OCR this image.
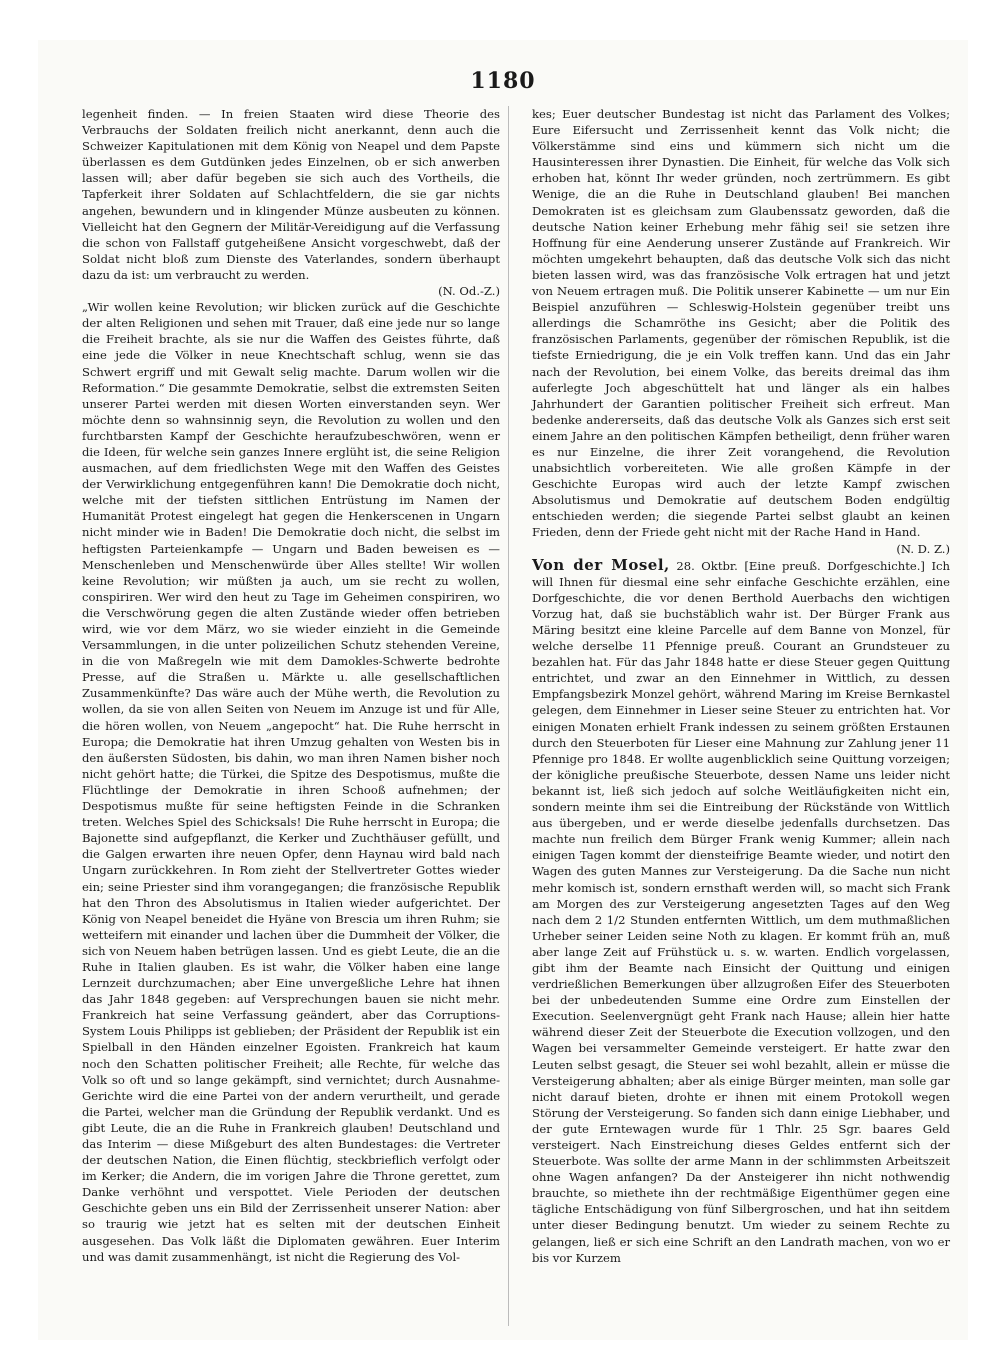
1180

legenheit finden. — In freien Staaten wird diese Theorie des Verbrauchs der Soldaten freilich nicht anerkannt, denn auch die Schweizer Kapitulationen mit dem König von Neapel und dem Papste überlassen es dem Gutdünken jedes Einzelnen, ob er sich anwerben lassen will; aber dafür begeben sie sich auch des Vortheils, die Tapferkeit ihrer Soldaten auf Schlachtfeldern, die sie gar nichts angehen, bewundern und in klingender Münze ausbeuten zu können. Vielleicht hat den Gegnern der Militär-Vereidigung auf die Verfassung die schon von Fallstaff gutgeheißene Ansicht vorgeschwebt, daß der Soldat nicht bloß zum Dienste des Vaterlandes, sondern überhaupt dazu da ist: um verbraucht zu werden.

(N. Od.-Z.)

„Wir wollen keine Revolution; wir blicken zurück auf die Geschichte der alten Religionen und sehen mit Trauer, daß eine jede nur so lange die Freiheit brachte, als sie nur die Waffen des Geistes führte, daß eine jede die Völker in neue Knechtschaft schlug, wenn sie das Schwert ergriff und mit Gewalt selig machte. Darum wollen wir die Reformation.“ Die gesammte Demokratie, selbst die extremsten Seiten unserer Partei werden mit diesen Worten einverstanden seyn. Wer möchte denn so wahnsinnig seyn, die Revolution zu wollen und den furchtbarsten Kampf der Geschichte heraufzubeschwören, wenn er die Ideen, für welche sein ganzes Innere erglüht ist, die seine Religion ausmachen, auf dem friedlichsten Wege mit den Waffen des Geistes der Verwirklichung entgegenführen kann! Die Demokratie doch nicht, welche mit der tiefsten sittlichen Entrüstung im Namen der Humanität Protest eingelegt hat gegen die Henkerscenen in Ungarn nicht minder wie in Baden! Die Demokratie doch nicht, die selbst im heftigsten Parteienkampfe — Ungarn und Baden beweisen es — Menschenleben und Menschenwürde über Alles stellte! Wir wollen keine Revolution; wir müßten ja auch, um sie recht zu wollen, conspiriren. Wer wird den heut zu Tage im Geheimen conspiriren, wo die Verschwörung gegen die alten Zustände wieder offen betrieben wird, wie vor dem März, wo sie wieder einzieht in die Gemeinde Versammlungen, in die unter polizeilichen Schutz stehenden Vereine, in die von Maßregeln wie mit dem Damokles-Schwerte bedrohte Presse, auf die Straßen u. Märkte u. alle gesellschaftlichen Zusammenkünfte? Das wäre auch der Mühe werth, die Revolution zu wollen, da sie von allen Seiten von Neuem im Anzuge ist und für Alle, die hören wollen, von Neuem „angepocht“ hat. Die Ruhe herrscht in Europa; die Demokratie hat ihren Umzug gehalten von Westen bis in den äußersten Südosten, bis dahin, wo man ihren Namen bisher noch nicht gehört hatte; die Türkei, die Spitze des Despotismus, mußte die Flüchtlinge der Demokratie in ihren Schooß aufnehmen; der Despotismus mußte für seine heftigsten Feinde in die Schranken treten. Welches Spiel des Schicksals! Die Ruhe herrscht in Europa; die Bajonette sind aufgepflanzt, die Kerker und Zuchthäuser gefüllt, und die Galgen erwarten ihre neuen Opfer, denn Haynau wird bald nach Ungarn zurückkehren. In Rom zieht der Stellvertreter Gottes wieder ein; seine Priester sind ihm vorangegangen; die französische Republik hat den Thron des Absolutismus in Italien wieder aufgerichtet. Der König von Neapel beneidet die Hyäne von Brescia um ihren Ruhm; sie wetteifern mit einander und lachen über die Dummheit der Völker, die sich von Neuem haben betrügen lassen. Und es giebt Leute, die an die Ruhe in Italien glauben. Es ist wahr, die Völker haben eine lange Lernzeit durchzumachen; aber Eine unvergeßliche Lehre hat ihnen das Jahr 1848 gegeben: auf Versprechungen bauen sie nicht mehr. Frankreich hat seine Verfassung geändert, aber das Corruptions-System Louis Philipps ist geblieben; der Präsident der Republik ist ein Spielball in den Händen einzelner Egoisten. Frankreich hat kaum noch den Schatten politischer Freiheit; alle Rechte, für welche das Volk so oft und so lange gekämpft, sind vernichtet; durch Ausnahme-Gerichte wird die eine Partei von der andern verurtheilt, und gerade die Partei, welcher man die Gründung der Republik verdankt. Und es gibt Leute, die an die Ruhe in Frankreich glauben! Deutschland und das Interim — diese Mißgeburt des alten Bundestages: die Vertreter der deutschen Nation, die Einen flüchtig, steckbrieflich verfolgt oder im Kerker; die Andern, die im vorigen Jahre die Throne gerettet, zum Danke verhöhnt und verspottet. Viele Perioden der deutschen Geschichte geben uns ein Bild der Zerrissenheit unserer Nation: aber so traurig wie jetzt hat es selten mit der deutschen Einheit ausgesehen. Das Volk läßt die Diplomaten gewähren. Euer Interim und was damit zusammenhängt, ist nicht die Regierung des Vol-

kes; Euer deutscher Bundestag ist nicht das Parlament des Volkes; Eure Eifersucht und Zerrissenheit kennt das Volk nicht; die Völkerstämme sind eins und kümmern sich nicht um die Hausinteressen ihrer Dynastien. Die Einheit, für welche das Volk sich erhoben hat, könnt Ihr weder gründen, noch zertrümmern. Es gibt Wenige, die an die Ruhe in Deutschland glauben! Bei manchen Demokraten ist es gleichsam zum Glaubenssatz geworden, daß die deutsche Nation keiner Erhebung mehr fähig sei! sie setzen ihre Hoffnung für eine Aenderung unserer Zustände auf Frankreich. Wir möchten umgekehrt behaupten, daß das deutsche Volk sich das nicht bieten lassen wird, was das französische Volk ertragen hat und jetzt von Neuem ertragen muß. Die Politik unserer Kabinette — um nur Ein Beispiel anzuführen — Schleswig-Holstein gegenüber treibt uns allerdings die Schamröthe ins Gesicht; aber die Politik des französischen Parlaments, gegenüber der römischen Republik, ist die tiefste Erniedrigung, die je ein Volk treffen kann. Und das ein Jahr nach der Revolution, bei einem Volke, das bereits dreimal das ihm auferlegte Joch abgeschüttelt hat und länger als ein halbes Jahrhundert der Garantien politischer Freiheit sich erfreut. Man bedenke andererseits, daß das deutsche Volk als Ganzes sich erst seit einem Jahre an den politischen Kämpfen betheiligt, denn früher waren es nur Einzelne, die ihrer Zeit vorangehend, die Revolution unabsichtlich vorbereiteten. Wie alle großen Kämpfe in der Geschichte Europas wird auch der letzte Kampf zwischen Absolutismus und Demokratie auf deutschem Boden endgültig entschieden werden; die siegende Partei selbst glaubt an keinen Frieden, denn der Friede geht nicht mit der Rache Hand in Hand.

(N. D. Z.)

Von der Mosel, 28. Oktbr. [Eine preuß. Dorfgeschichte.] Ich will Ihnen für diesmal eine sehr einfache Geschichte erzählen, eine Dorfgeschichte, die vor denen Berthold Auerbachs den wichtigen Vorzug hat, daß sie buchstäblich wahr ist. Der Bürger Frank aus Märing besitzt eine kleine Parcelle auf dem Banne von Monzel, für welche derselbe 11 Pfennige preuß. Courant an Grundsteuer zu bezahlen hat. Für das Jahr 1848 hatte er diese Steuer gegen Quittung entrichtet, und zwar an den Einnehmer in Wittlich, zu dessen Empfangsbezirk Monzel gehört, während Maring im Kreise Bernkastel gelegen, dem Einnehmer in Lieser seine Steuer zu entrichten hat. Vor einigen Monaten erhielt Frank indessen zu seinem größten Erstaunen durch den Steuerboten für Lieser eine Mahnung zur Zahlung jener 11 Pfennige pro 1848. Er wollte augenblicklich seine Quittung vorzeigen; der königliche preußische Steuerbote, dessen Name uns leider nicht bekannt ist, ließ sich jedoch auf solche Weitläufigkeiten nicht ein, sondern meinte ihm sei die Eintreibung der Rückstände von Wittlich aus übergeben, und er werde dieselbe jedenfalls durchsetzen. Das machte nun freilich dem Bürger Frank wenig Kummer; allein nach einigen Tagen kommt der diensteifrige Beamte wieder, und notirt den Wagen des guten Mannes zur Versteigerung. Da die Sache nun nicht mehr komisch ist, sondern ernsthaft werden will, so macht sich Frank am Morgen des zur Versteigerung angesetzten Tages auf den Weg nach dem 2 1/2 Stunden entfernten Wittlich, um dem muthmaßlichen Urheber seiner Leiden seine Noth zu klagen. Er kommt früh an, muß aber lange Zeit auf Frühstück u. s. w. warten. Endlich vorgelassen, gibt ihm der Beamte nach Einsicht der Quittung und einigen verdrießlichen Bemerkungen über allzugroßen Eifer des Steuerboten bei der unbedeutenden Summe eine Ordre zum Einstellen der Execution. Seelenvergnügt geht Frank nach Hause; allein hier hatte während dieser Zeit der Steuerbote die Execution vollzogen, und den Wagen bei versammelter Gemeinde versteigert. Er hatte zwar den Leuten selbst gesagt, die Steuer sei wohl bezahlt, allein er müsse die Versteigerung abhalten; aber als einige Bürger meinten, man solle gar nicht darauf bieten, drohte er ihnen mit einem Protokoll wegen Störung der Versteigerung. So fanden sich dann einige Liebhaber, und der gute Erntewagen wurde für 1 Thlr. 25 Sgr. baares Geld versteigert. Nach Einstreichung dieses Geldes entfernt sich der Steuerbote. Was sollte der arme Mann in der schlimmsten Arbeitszeit ohne Wagen anfangen? Da der Ansteigerer ihn nicht nothwendig brauchte, so miethete ihn der rechtmäßige Eigenthümer gegen eine tägliche Entschädigung von fünf Silbergroschen, und hat ihn seitdem unter dieser Bedingung benutzt. Um wieder zu seinem Rechte zu gelangen, ließ er sich eine Schrift an den Landrath machen, von wo er bis vor Kurzem
